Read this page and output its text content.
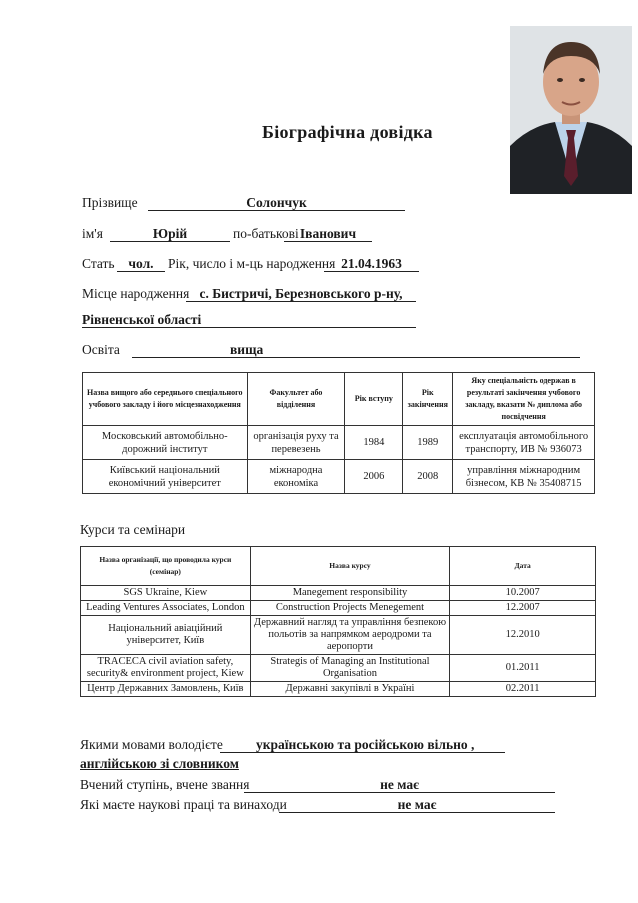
Біографічна довідка
Прізвище	Солончук
ім'я	Юрій	по-батькові Іванович
Стать	чол.	Рік, число і м-ць народження 21.04.1963
Місце народження с. Бистричі, Березновського р-ну,
Рівненської області
Освіта	вища
Назва вищого або середнього спеціального учбового закладу і його місцезнаходження	Факультет або відділення	Рік вступу	Рік закінчення	Яку спеціальність одержав в результаті закінчення учбового закладу, вказати № диплома або посвідчення
Московський автомобільно-дорожний інститут	організація руху та перевезень	1984	1989	експлуатація автомобільного транспорту, ИВ № 936073
Київський національний економічний університет	міжнародна економіка	2006	2008	управління міжнародним бізнесом, КВ № 35408715
Курси та семінари
Назва організації, що проводила курси (семінар)	Назва курсу	Дата
SGS Ukraine, Kiew	Manegement responsibility	10.2007
Leading Ventures Associates, London	Construction Projects Menegement	12.2007
Національний авіаційний університет, Київ	Державний нагляд та управління безпекою польотів за напрямком аеродроми та аеропорти	12.2010
TRACECA civil aviation safety, security& environment project, Kiew	Strategis of Managing an Institutional Organisation	01.2011
Центр Державних Замовлень, Київ	Державні закупівлі в Україні	02.2011
Якими мовами володієте	українською та російською вільно ,
англійською зі словником
Вчений ступінь, вчене звання	не має
Які маєте наукові праці та винаходи	не має
